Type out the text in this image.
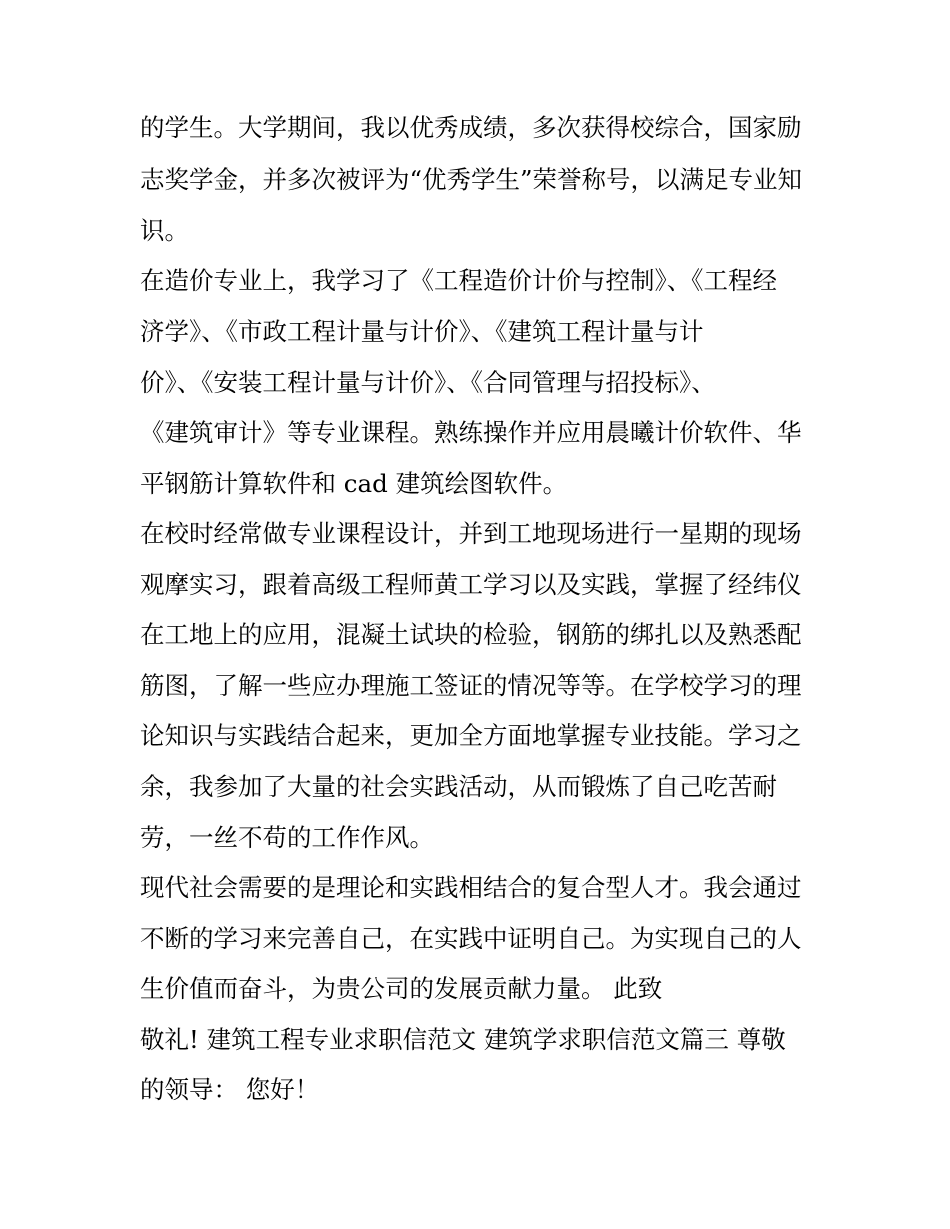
的学生。大学期间，我以优秀成绩，多次获得校综合，国家励
志奖学金，并多次被评为“优秀学生”荣誉称号，以满足专业知
识。
在造价专业上，我学习了《工程造价计价与控制》、《工程经
济学》、《市政工程计量与计价》、《建筑工程计量与计
价》、《安装工程计量与计价》、《合同管理与招投标》、
《建筑审计》等专业课程。熟练操作并应用晨曦计价软件、华
平钢筋计算软件和 cad 建筑绘图软件。
在校时经常做专业课程设计，并到工地现场进行一星期的现场
观摩实习，跟着高级工程师黄工学习以及实践，掌握了经纬仪
在工地上的应用，混凝土试块的检验，钢筋的绑扎以及熟悉配
筋图，了解一些应办理施工签证的情况等等。在学校学习的理
论知识与实践结合起来，更加全方面地掌握专业技能。学习之
余，我参加了大量的社会实践活动，从而锻炼了自己吃苦耐
劳，一丝不苟的工作作风。
现代社会需要的是理论和实践相结合的复合型人才。我会通过
不断的学习来完善自己，在实践中证明自己。为实现自己的人
生价值而奋斗，为贵公司的发展贡献力量。 此致
敬礼! 建筑工程专业求职信范文 建筑学求职信范文篇三 尊敬
的领导： 您好！
